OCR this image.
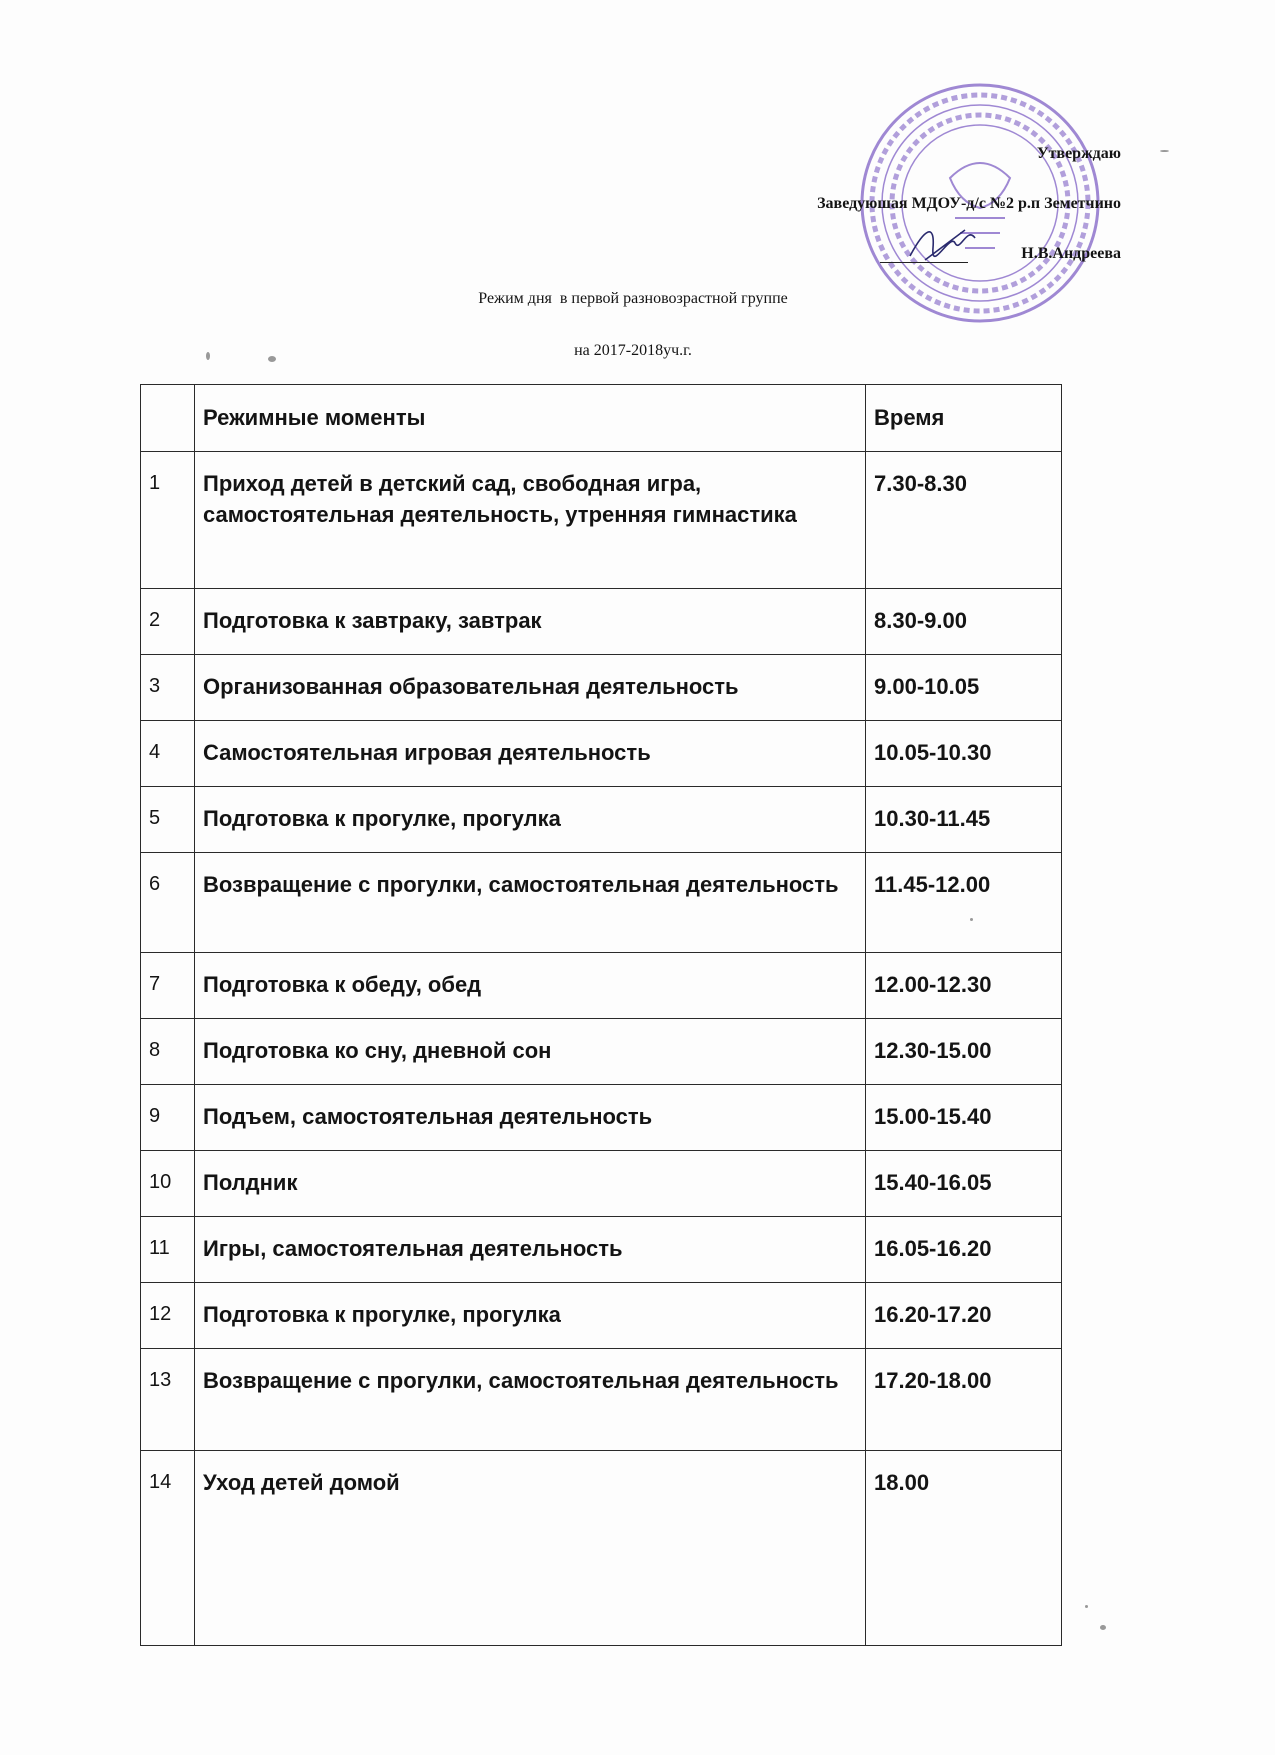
Утверждаю
Заведуюшая МДОУ-д/с №2 р.п Земетчино
Н.В.Андреева
Режим дня  в первой разновозрастной группе
на 2017-2018уч.г.
	Режимные моменты	Время
1	Приход детей в детский сад, свободная игра, самостоятельная деятельность, утренняя гимнастика	7.30-8.30
2	Подготовка к завтраку, завтрак	8.30-9.00
3	Организованная образовательная деятельность	9.00-10.05
4	Самостоятельная игровая деятельность	10.05-10.30
5	Подготовка к прогулке, прогулка	10.30-11.45
6	Возвращение с прогулки, самостоятельная деятельность	11.45-12.00
7	Подготовка к обеду, обед	12.00-12.30
8	Подготовка ко сну, дневной сон	12.30-15.00
9	Подъем, самостоятельная деятельность	15.00-15.40
10	Полдник	15.40-16.05
11	Игры, самостоятельная деятельность	16.05-16.20
12	Подготовка к прогулке, прогулка	16.20-17.20
13	Возвращение с прогулки, самостоятельная деятельность	17.20-18.00
14	Уход детей домой	18.00
